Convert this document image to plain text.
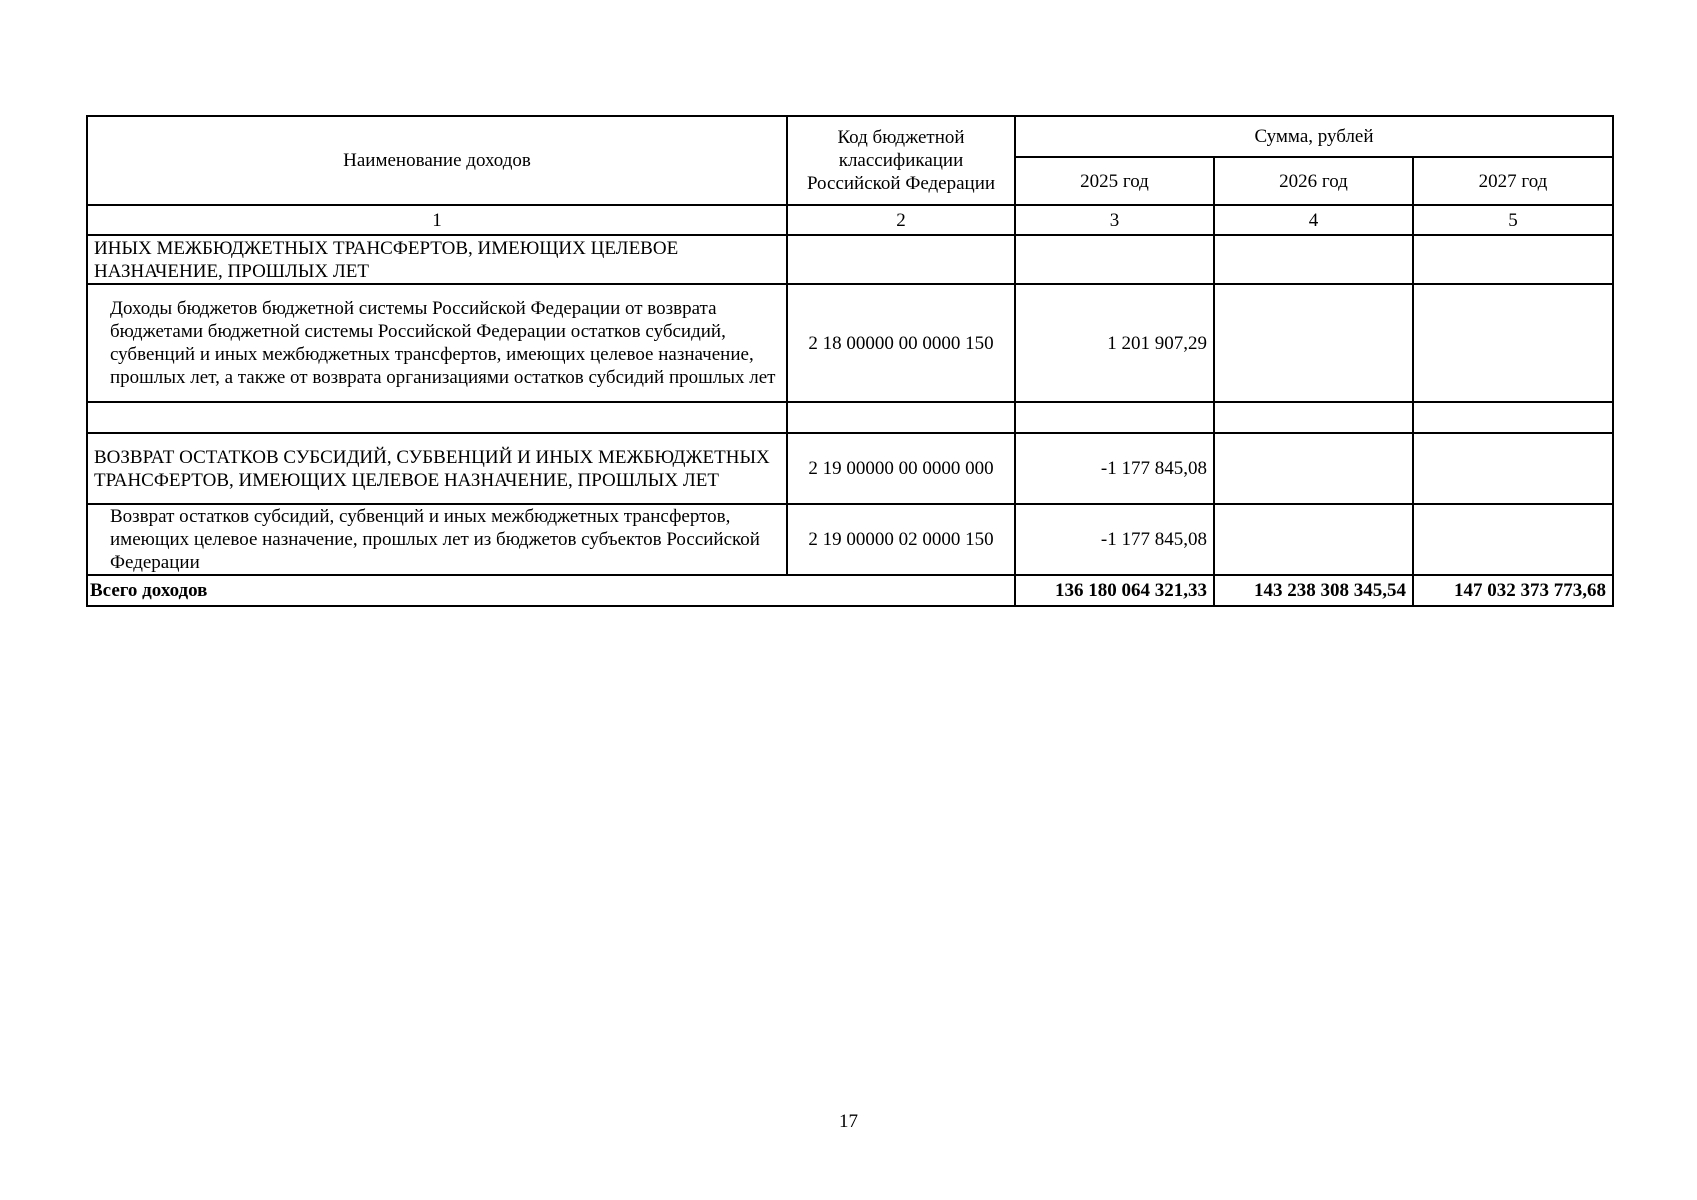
Наименование доходов	Код бюджетной классификации Российской Федерации	Сумма, рублей		
		2025 год	2026 год	2027 год
1	2	3	4	5
ИНЫХ МЕЖБЮДЖЕТНЫХ ТРАНСФЕРТОВ, ИМЕЮЩИХ ЦЕЛЕВОЕ НАЗНАЧЕНИЕ, ПРОШЛЫХ ЛЕТ				
Доходы бюджетов бюджетной системы Российской Федерации от возврата бюджетами бюджетной системы Российской Федерации остатков субсидий, субвенций и иных межбюджетных трансфертов, имеющих целевое назначение, прошлых лет, а также от возврата организациями остатков субсидий прошлых лет	2 18 00000 00 0000 150	1 201 907,29		

ВОЗВРАТ ОСТАТКОВ СУБСИДИЙ, СУБВЕНЦИЙ И ИНЫХ МЕЖБЮДЖЕТНЫХ ТРАНСФЕРТОВ, ИМЕЮЩИХ ЦЕЛЕВОЕ НАЗНАЧЕНИЕ, ПРОШЛЫХ ЛЕТ	2 19 00000 00 0000 000	-1 177 845,08		
Возврат остатков субсидий, субвенций и иных межбюджетных трансфертов, имеющих целевое назначение, прошлых лет из бюджетов субъектов Российской Федерации	2 19 00000 02 0000 150	-1 177 845,08		
Всего доходов		136 180 064 321,33	143 238 308 345,54	147 032 373 773,68
17
